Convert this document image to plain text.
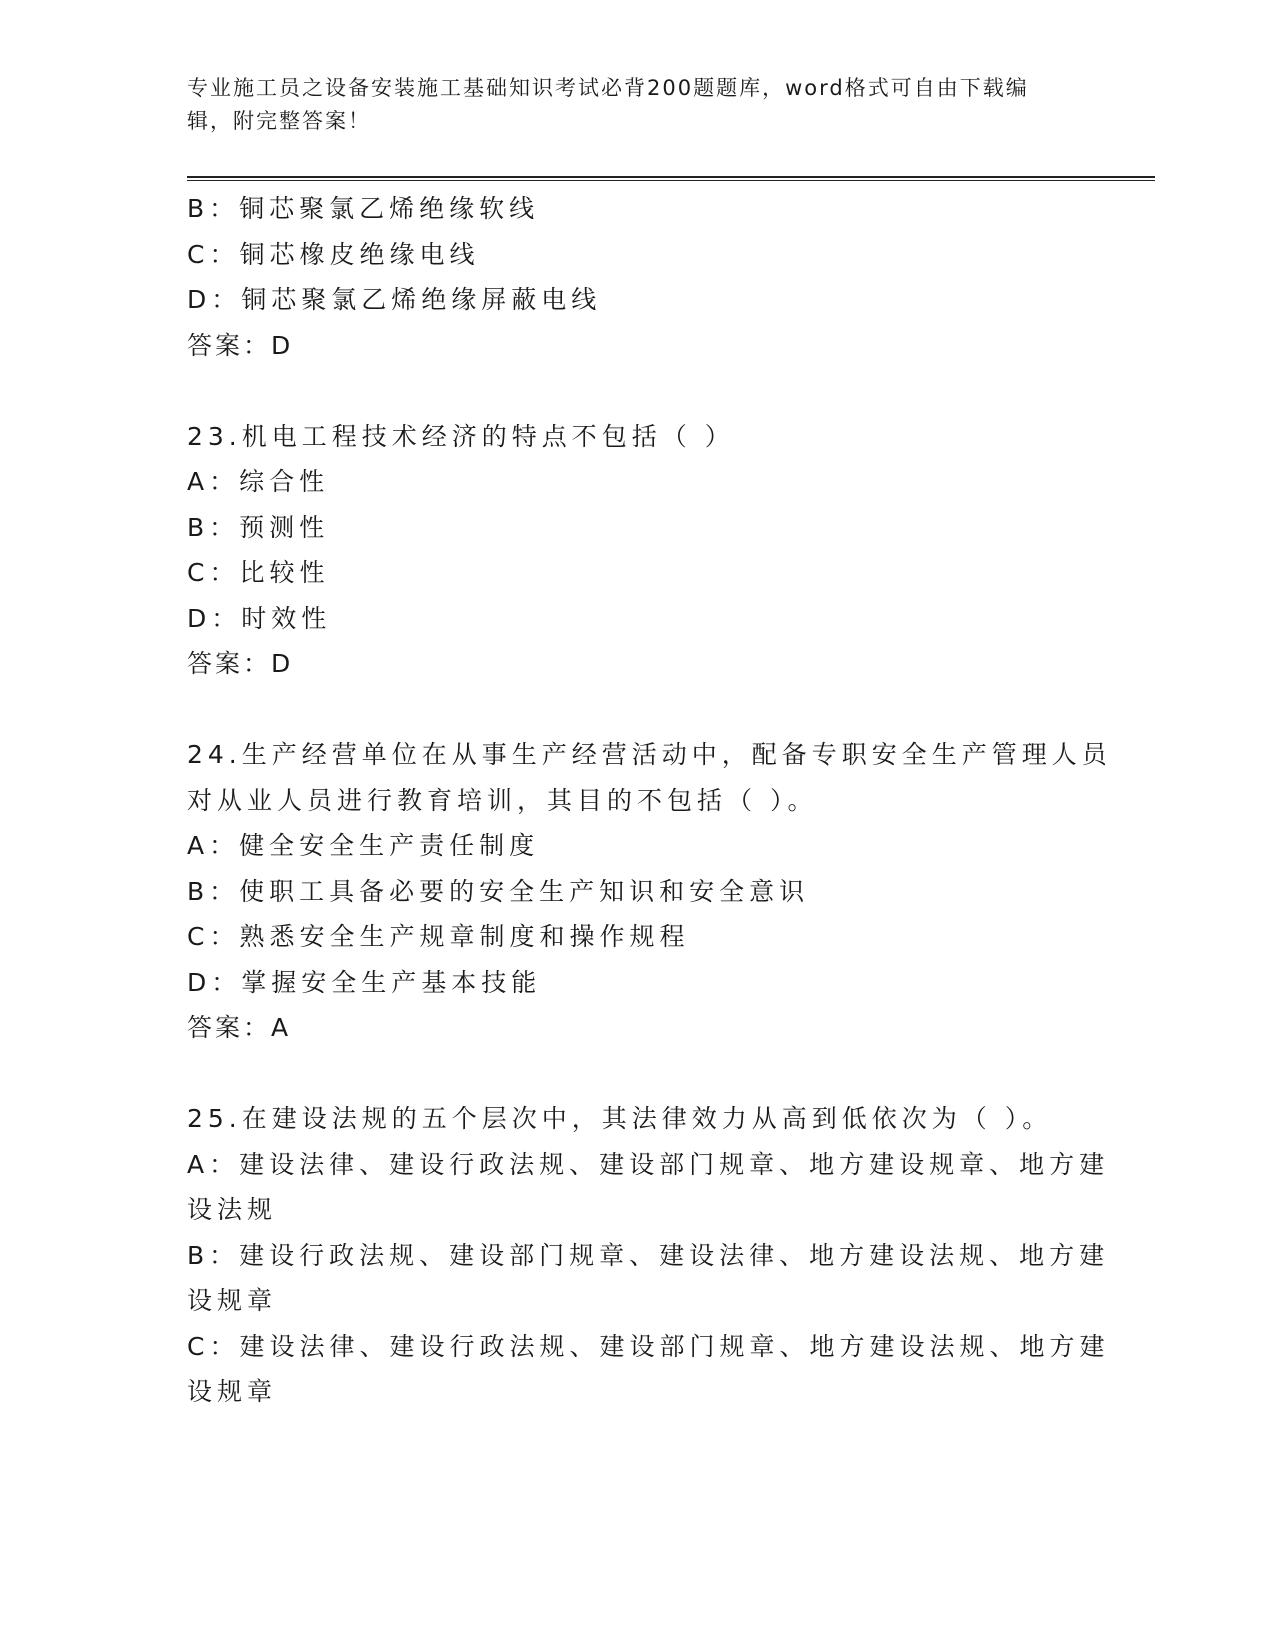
专业施工员之设备安装施工基础知识考试必背200题题库，word格式可自由下载编辑，附完整答案！
B：铜芯聚氯乙烯绝缘软线
C：铜芯橡皮绝缘电线
D：铜芯聚氯乙烯绝缘屏蔽电线
答案：D
23.机电工程技术经济的特点不包括（ ）
A：综合性
B：预测性
C：比较性
D：时效性
答案：D
24.生产经营单位在从事生产经营活动中，配备专职安全生产管理人员
对从业人员进行教育培训，其目的不包括（ ）。
A：健全安全生产责任制度
B：使职工具备必要的安全生产知识和安全意识
C：熟悉安全生产规章制度和操作规程
D：掌握安全生产基本技能
答案：A
25.在建设法规的五个层次中，其法律效力从高到低依次为（ ）。
A：建设法律、建设行政法规、建设部门规章、地方建设规章、地方建
设法规
B：建设行政法规、建设部门规章、建设法律、地方建设法规、地方建
设规章
C：建设法律、建设行政法规、建设部门规章、地方建设法规、地方建
设规章
